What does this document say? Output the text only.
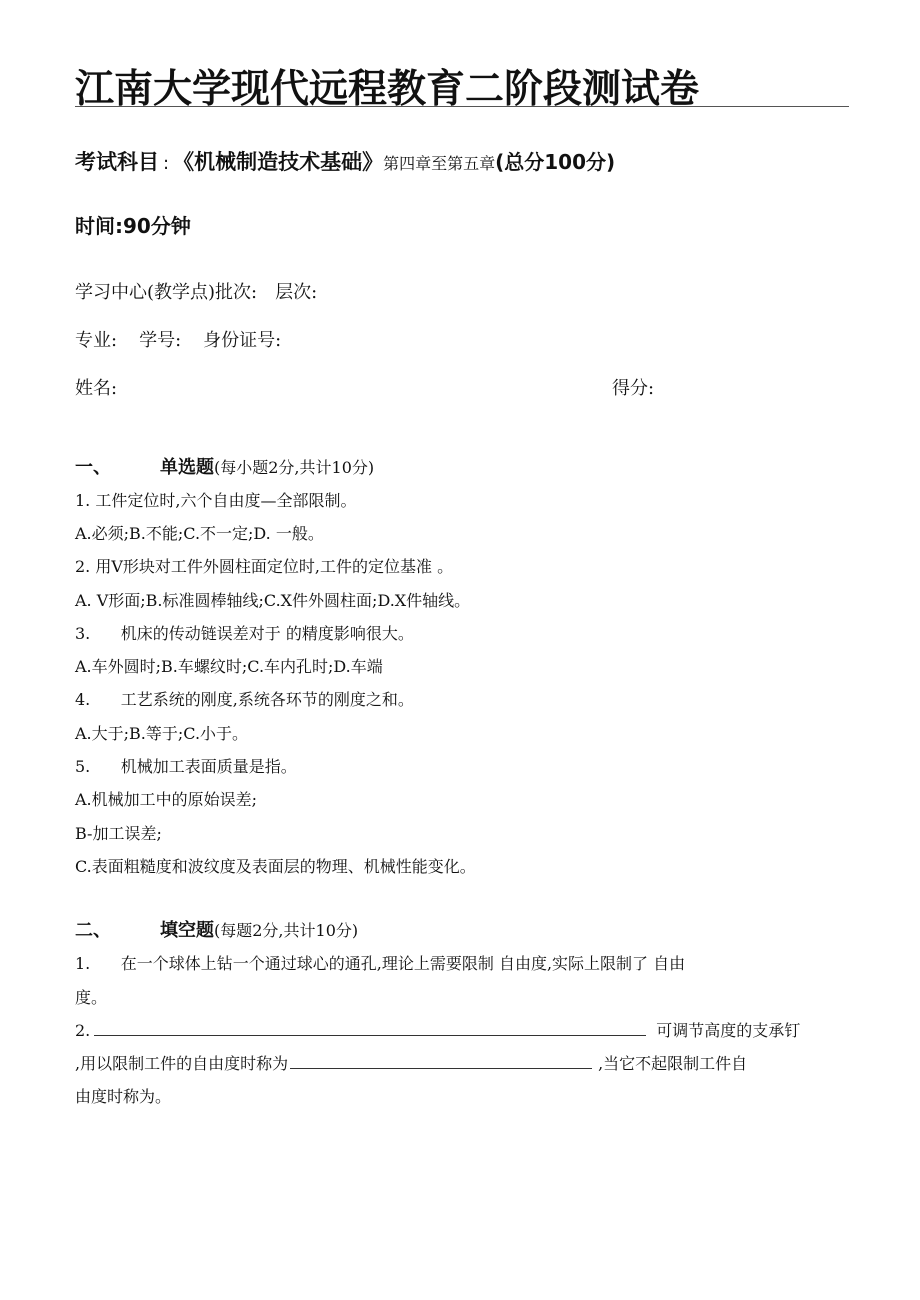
江南大学现代远程教育二阶段测试卷
考试科目 : 《机械制造技术基础》第四章至第五章(总分100分)
时间:90分钟
学习中心(教学点)批次: 层次:
专业: 学号: 身份证号:
姓名:	得分:
一、	单选题(每小题2分,共计10分)
1. 工件定位时,六个自由度—全部限制。
A.必须;B.不能;C.不一定;D. 一般。
2. 用V形块对工件外圆柱面定位时,工件的定位基准 。
A. V形面;B.标准圆棒轴线;C.X件外圆柱面;D.X件轴线。
3.      机床的传动链误差对于 的精度影响很大。
A.车外圆时;B.车螺纹时;C.车内孔时;D.车端
4.      工艺系统的刚度,系统各环节的刚度之和。
A.大于;B.等于;C.小于。
5.      机械加工表面质量是指。
A.机械加工中的原始误差;
B-加工误差;
C.表面粗糙度和波纹度及表面层的物理、机械性能变化。
二、	填空题(每题2分,共计10分)
1.      在一个球体上钻一个通过球心的通孔,理论上需要限制 自由度,实际上限制了 自由
度。
2.	可调节高度的支承钉
,用以限制工件的自由度时称为	,当它不起限制工件自
由度时称为。
